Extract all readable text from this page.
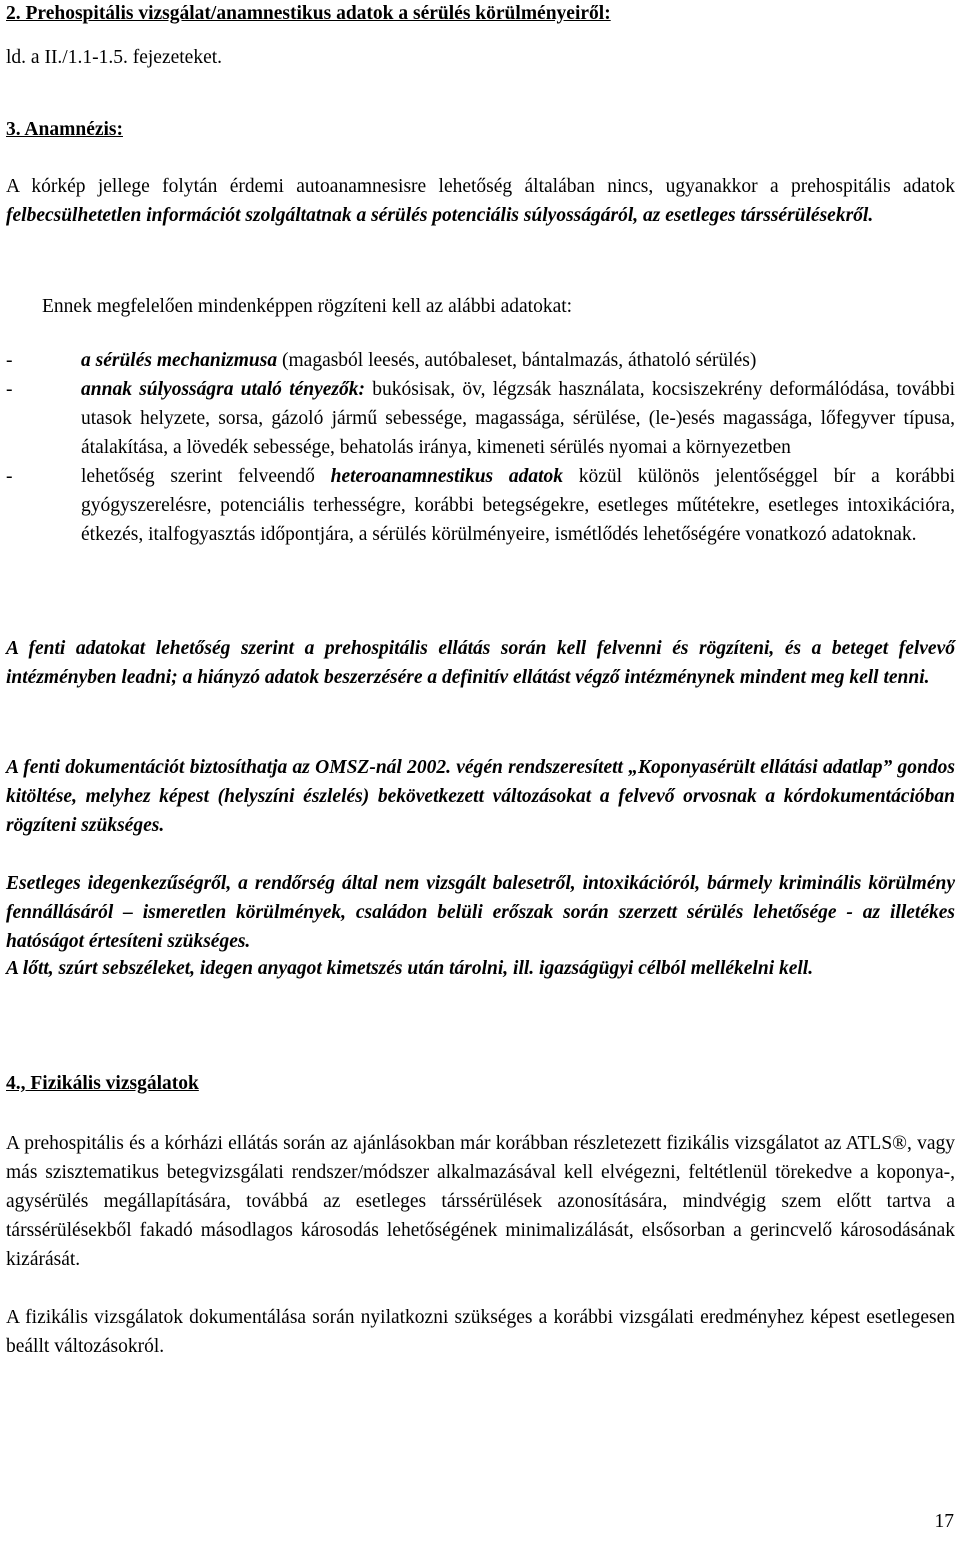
2. Prehospitális vizsgálat/anamnestikus adatok a sérülés körülményeiről:

ld. a II./1.1-1.5. fejezeteket.

3. Anamnézis:

A kórkép jellege folytán érdemi autoanamnesisre lehetőség általában nincs, ugyanakkor a prehospitális adatok felbecsülhetetlen információt szolgáltatnak a sérülés potenciális súlyosságáról, az esetleges társsérülésekről.

Ennek megfelelően mindenképpen rögzíteni kell az alábbi adatokat:

-	a sérülés mechanizmusa (magasból leesés, autóbaleset, bántalmazás, áthatoló sérülés)
-	annak súlyosságra utaló tényezők: bukósisak, öv, légzsák használata, kocsiszekrény deformálódása, további utasok helyzete, sorsa, gázoló jármű sebessége, magassága, sérülése, (le-)esés magassága, lőfegyver típusa, átalakítása, a lövedék sebessége, behatolás iránya, kimeneti sérülés nyomai a környezetben
-	lehetőség szerint felveendő heteroanamnestikus adatok közül különös jelentőséggel bír a korábbi gyógyszerelésre, potenciális terhességre, korábbi betegségekre, esetleges műtétekre, esetleges intoxikációra, étkezés, italfogyasztás időpontjára, a sérülés körülményeire, ismétlődés lehetőségére vonatkozó adatoknak.

A fenti adatokat lehetőség szerint a prehospitális ellátás során kell felvenni és rögzíteni, és a beteget felvevő intézményben leadni; a hiányzó adatok beszerzésére a definitív ellátást végző intézménynek mindent meg kell tenni.

A fenti dokumentációt biztosíthatja az OMSZ-nál 2002. végén rendszeresített „Koponyasérült ellátási adatlap” gondos kitöltése, melyhez képest (helyszíni észlelés) bekövetkezett változásokat a felvevő orvosnak a kórdokumentációban rögzíteni szükséges.

Esetleges idegenkezűségről, a rendőrség által nem vizsgált balesetről, intoxikációról, bármely kriminális körülmény fennállásáról – ismeretlen körülmények, családon belüli erőszak során szerzett sérülés lehetősége - az illetékes hatóságot értesíteni szükséges.

A lőtt, szúrt sebszéleket, idegen anyagot kimetszés után tárolni, ill. igazságügyi célból mellékelni kell.

4., Fizikális vizsgálatok

A prehospitális és a kórházi ellátás során az ajánlásokban már korábban részletezett fizikális vizsgálatot az ATLS®, vagy más szisztematikus betegvizsgálati rendszer/módszer alkalmazásával kell elvégezni, feltétlenül törekedve a koponya-, agysérülés megállapítására, továbbá az esetleges társsérülések azonosítására, mindvégig szem előtt tartva a társsérülésekből fakadó másodlagos károsodás lehetőségének minimalizálását, elsősorban a gerincvelő károsodásának kizárását.

A fizikális vizsgálatok dokumentálása során nyilatkozni szükséges a korábbi vizsgálati eredményhez képest esetlegesen beállt változásokról.

17
